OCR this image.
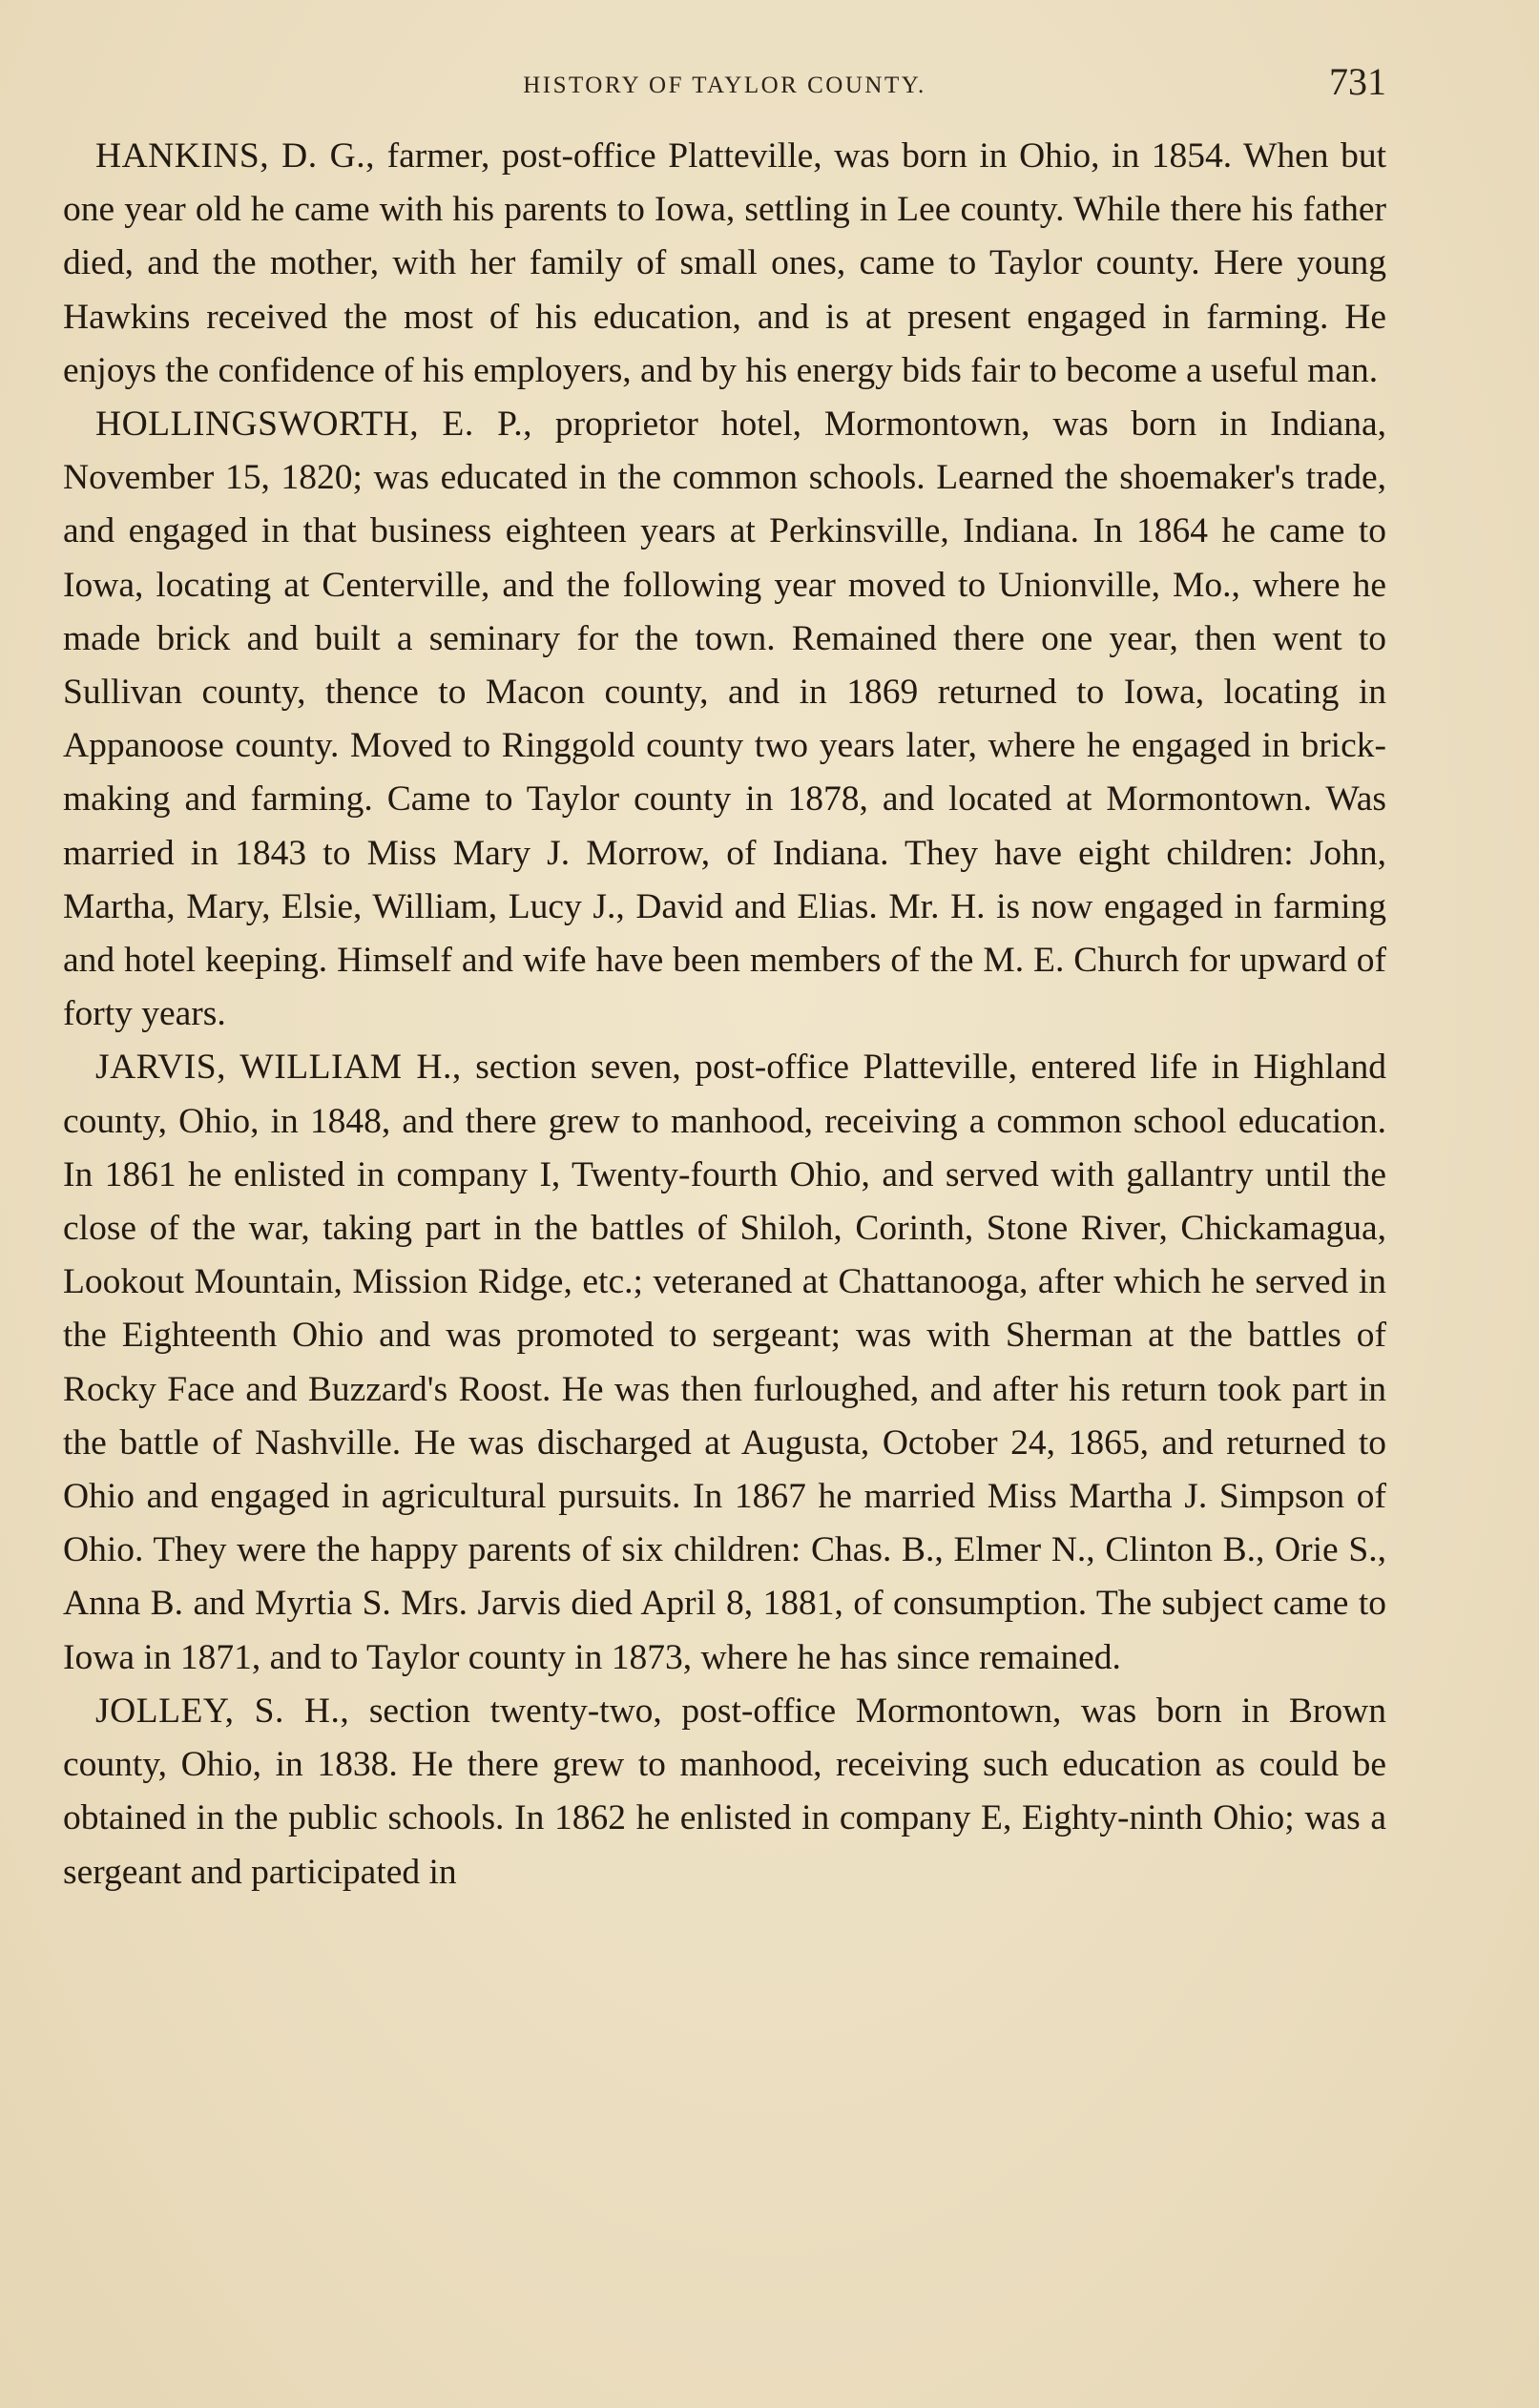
HISTORY OF TAYLOR COUNTY.	731

HANKINS, D. G., farmer, post-office Platteville, was born in Ohio, in 1854. When but one year old he came with his parents to Iowa, settling in Lee county. While there his father died, and the mother, with her family of small ones, came to Taylor county. Here young Hawkins received the most of his education, and is at present engaged in farming. He enjoys the confidence of his employers, and by his energy bids fair to become a useful man.

HOLLINGSWORTH, E. P., proprietor hotel, Mormontown, was born in Indiana, November 15, 1820; was educated in the common schools. Learned the shoemaker's trade, and engaged in that business eighteen years at Perkinsville, Indiana. In 1864 he came to Iowa, locating at Centerville, and the following year moved to Unionville, Mo., where he made brick and built a seminary for the town. Remained there one year, then went to Sullivan county, thence to Macon county, and in 1869 returned to Iowa, locating in Appanoose county. Moved to Ringgold county two years later, where he engaged in brick-making and farming. Came to Taylor county in 1878, and located at Mormontown. Was married in 1843 to Miss Mary J. Morrow, of Indiana. They have eight children: John, Martha, Mary, Elsie, William, Lucy J., David and Elias. Mr. H. is now engaged in farming and hotel keeping. Himself and wife have been members of the M. E. Church for upward of forty years.

JARVIS, WILLIAM H., section seven, post-office Platteville, entered life in Highland county, Ohio, in 1848, and there grew to manhood, receiving a common school education. In 1861 he enlisted in company I, Twenty-fourth Ohio, and served with gallantry until the close of the war, taking part in the battles of Shiloh, Corinth, Stone River, Chickamagua, Lookout Mountain, Mission Ridge, etc.; veteraned at Chattanooga, after which he served in the Eighteenth Ohio and was promoted to sergeant; was with Sherman at the battles of Rocky Face and Buzzard's Roost. He was then furloughed, and after his return took part in the battle of Nashville. He was discharged at Augusta, October 24, 1865, and returned to Ohio and engaged in agricultural pursuits. In 1867 he married Miss Martha J. Simpson of Ohio. They were the happy parents of six children: Chas. B., Elmer N., Clinton B., Orie S., Anna B. and Myrtia S. Mrs. Jarvis died April 8, 1881, of consumption. The subject came to Iowa in 1871, and to Taylor county in 1873, where he has since remained.

JOLLEY, S. H., section twenty-two, post-office Mormontown, was born in Brown county, Ohio, in 1838. He there grew to manhood, receiving such education as could be obtained in the public schools. In 1862 he enlisted in company E, Eighty-ninth Ohio; was a sergeant and participated in
